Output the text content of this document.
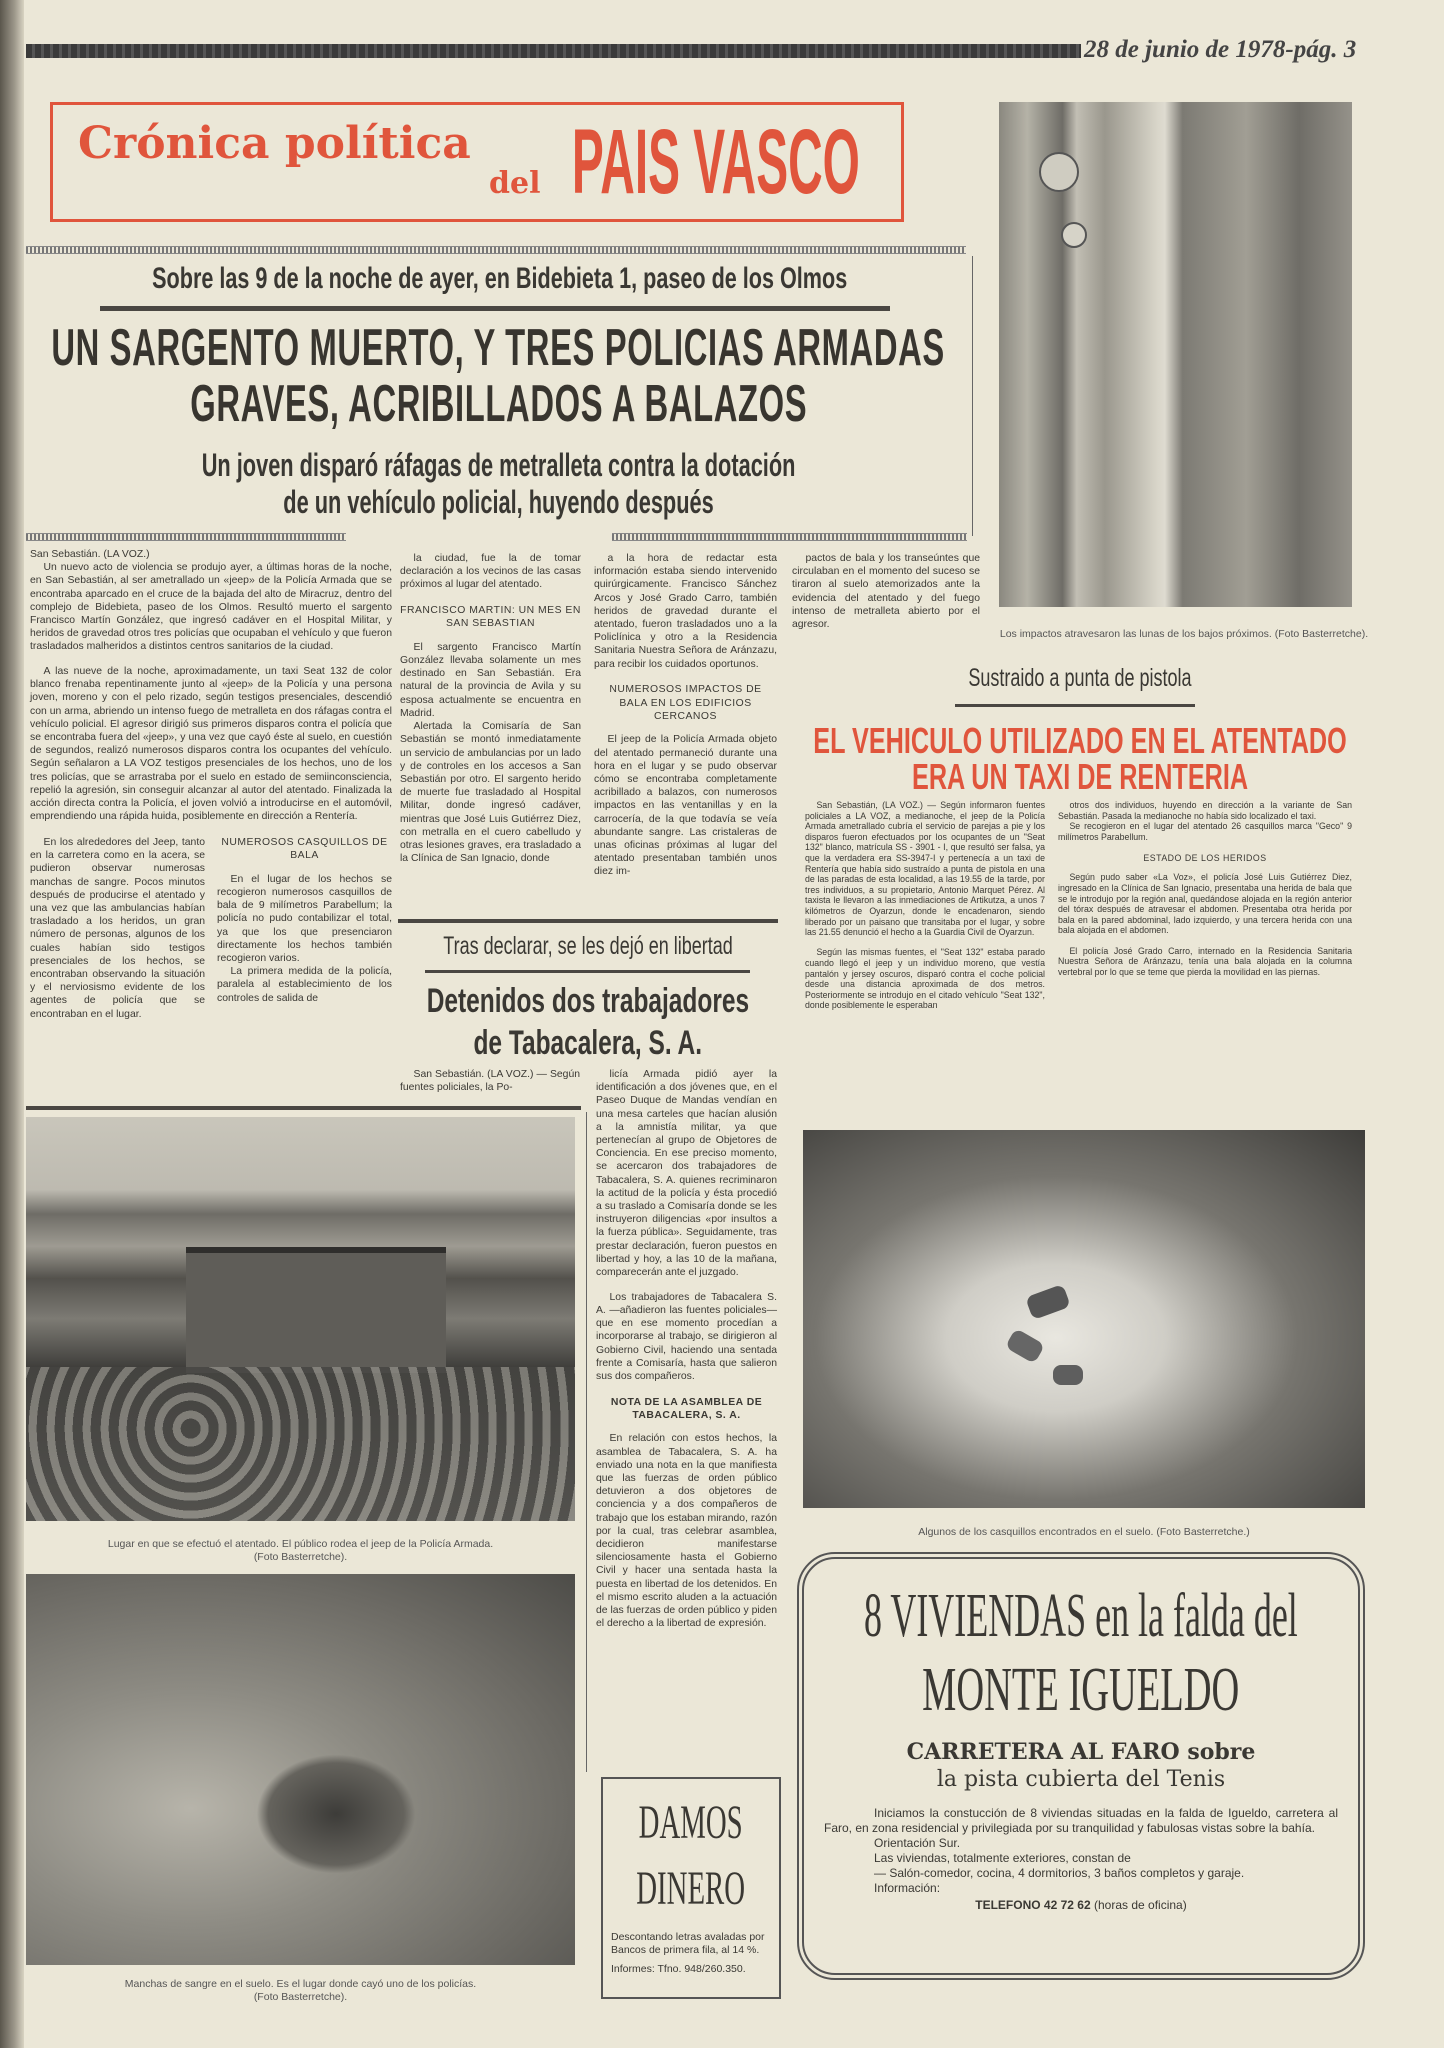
28 de junio de 1978-pág. 3
Crónica política
del PAIS VASCO
Los impactos atravesaron las lunas de los bajos próximos. (Foto Basterretche).
Sobre las 9 de la noche de ayer, en Bidebieta 1, paseo de los Olmos
UN SARGENTO MUERTO, Y TRES POLICIAS ARMADAS
GRAVES, ACRIBILLADOS A BALAZOS
Un joven disparó ráfagas de metralleta contra la dotación
de un vehículo policial, huyendo después

San Sebastián. (LA VOZ.)

Un nuevo acto de violencia se produjo ayer, a últimas horas de la noche, en San Sebastián, al ser ametrallado un «jeep» de la Policía Armada que se encontraba aparcado en el cruce de la bajada del alto de Miracruz, dentro del complejo de Bidebieta, paseo de los Olmos. Resultó muerto el sargento Francisco Martín González, que ingresó cadáver en el Hospital Militar, y heridos de gravedad otros tres policías que ocupaban el vehículo y que fueron trasladados malheridos a distintos centros sanitarios de la ciudad.

A las nueve de la noche, aproximadamente, un taxi Seat 132 de color blanco frenaba repentinamente junto al «jeep» de la Policía y una persona joven, moreno y con el pelo rizado, según testigos presenciales, descendió con un arma, abriendo un intenso fuego de metralleta en dos ráfagas contra el vehículo policial. El agresor dirigió sus primeros disparos contra el policía que se encontraba fuera del «jeep», y una vez que cayó éste al suelo, en cuestión de segundos, realizó numerosos disparos contra los ocupantes del vehículo. Según señalaron a LA VOZ testigos presenciales de los hechos, uno de los tres policías, que se arrastraba por el suelo en estado de semiinconsciencia, repelió la agresión, sin conseguir alcanzar al autor del atentado. Finalizada la acción directa contra la Policía, el joven volvió a introducirse en el automóvil, emprendiendo una rápida huida, posiblemente en dirección a Rentería.

En los alrededores del Jeep, tanto en la carretera como en la acera, se pudieron observar numerosas manchas de sangre. Pocos minutos después de producirse el atentado y una vez que las ambulancias habían trasladado a los heridos, un gran número de personas, algunos de los cuales habían sido testigos presenciales de los hechos, se encontraban observando la situación y el nerviosismo evidente de los agentes de policía que se encontraban en el lugar.

NUMEROSOS CASQUILLOS DE BALA

En el lugar de los hechos se recogieron numerosos casquillos de bala de 9 milímetros Parabellum; la policía no pudo contabilizar el total, ya que los que presenciaron directamente los hechos también recogieron varios.

La primera medida de la policía, paralela al establecimiento de los controles de salida de

la ciudad, fue la de tomar declaración a los vecinos de las casas próximos al lugar del atentado.

FRANCISCO MARTIN: UN MES EN SAN SEBASTIAN

El sargento Francisco Martín González llevaba solamente un mes destinado en San Sebastián. Era natural de la provincia de Avila y su esposa actualmente se encuentra en Madrid.

Alertada la Comisaría de San Sebastián se montó inmediatamente un servicio de ambulancias por un lado y de controles en los accesos a San Sebastián por otro. El sargento herido de muerte fue trasladado al Hospital Militar, donde ingresó cadáver, mientras que José Luis Gutiérrez Diez, con metralla en el cuero cabelludo y otras lesiones graves, era trasladado a la Clínica de San Ignacio, donde

a la hora de redactar esta información estaba siendo intervenido quirúrgicamente. Francisco Sánchez Arcos y José Grado Carro, también heridos de gravedad durante el atentado, fueron trasladados uno a la Policlínica y otro a la Residencia Sanitaria Nuestra Señora de Aránzazu, para recibir los cuidados oportunos.

NUMEROSOS IMPACTOS DE BALA EN LOS EDIFICIOS CERCANOS

El jeep de la Policía Armada objeto del atentado permaneció durante una hora en el lugar y se pudo observar cómo se encontraba completamente acribillado a balazos, con numerosos impactos en las ventanillas y en la carrocería, de la que todavía se veía abundante sangre. Las cristaleras de unas oficinas próximas al lugar del atentado presentaban también unos diez im-

pactos de bala y los transeúntes que circulaban en el momento del suceso se tiraron al suelo atemorizados ante la evidencia del atentado y del fuego intenso de metralleta abierto por el agresor.

Sustraido a punta de pistola
EL VEHICULO UTILIZADO EN EL ATENTADO
ERA UN TAXI DE RENTERIA

San Sebastián, (LA VOZ.) — Según informaron fuentes policiales a LA VOZ, a medianoche, el jeep de la Policía Armada ametrallado cubría el servicio de parejas a pie y los disparos fueron efectuados por los ocupantes de un "Seat 132" blanco, matrícula SS - 3901 - I, que resultó ser falsa, ya que la verdadera era SS-3947-I y pertenecía a un taxi de Rentería que había sido sustraído a punta de pistola en una de las paradas de esta localidad, a las 19.55 de la tarde, por tres individuos, a su propietario, Antonio Marquet Pérez. Al taxista le llevaron a las inmediaciones de Artikutza, a unos 7 kilómetros de Oyarzun, donde le encadenaron, siendo liberado por un paisano que transitaba por el lugar, y sobre las 21.55 denunció el hecho a la Guardia Civil de Oyarzun.

Según las mismas fuentes, el "Seat 132" estaba parado cuando llegó el jeep y un individuo moreno, que vestía pantalón y jersey oscuros, disparó contra el coche policial desde una distancia aproximada de dos metros. Posteriormente se introdujo en el citado vehículo "Seat 132", donde posiblemente le esperaban

otros dos individuos, huyendo en dirección a la variante de San Sebastián. Pasada la medianoche no había sido localizado el taxi.

Se recogieron en el lugar del atentado 26 casquillos marca "Geco" 9 milímetros Parabellum.

ESTADO DE LOS HERIDOS

Según pudo saber «La Voz», el policía José Luis Gutiérrez Diez, ingresado en la Clínica de San Ignacio, presentaba una herida de bala que se le introdujo por la región anal, quedándose alojada en la región anterior del tórax después de atravesar el abdomen. Presentaba otra herida por bala en la pared abdominal, lado izquierdo, y una tercera herida con una bala alojada en el abdomen.

El policía José Grado Carro, internado en la Residencia Sanitaria Nuestra Señora de Aránzazu, tenía una bala alojada en la columna vertebral por lo que se teme que pierda la movilidad en las piernas.

Algunos de los casquillos encontrados en el suelo. (Foto Basterretche.)
Tras declarar, se les dejó en libertad
Detenidos dos trabajadores
de Tabacalera, S. A.

San Sebastián. (LA VOZ.) — Según fuentes policiales, la Po-

licía Armada pidió ayer la identificación a dos jóvenes que, en el Paseo Duque de Mandas vendían en una mesa carteles que hacían alusión a la amnistía militar, ya que pertenecían al grupo de Objetores de Conciencia. En ese preciso momento, se acercaron dos trabajadores de Tabacalera, S. A. quienes recriminaron la actitud de la policía y ésta procedió a su traslado a Comisaría donde se les instruyeron diligencias «por insultos a la fuerza pública». Seguidamente, tras prestar declaración, fueron puestos en libertad y hoy, a las 10 de la mañana, comparecerán ante el juzgado.

Los trabajadores de Tabacalera S. A. —añadieron las fuentes policiales— que en ese momento procedían a incorporarse al trabajo, se dirigieron al Gobierno Civil, haciendo una sentada frente a Comisaría, hasta que salieron sus dos compañeros.

NOTA DE LA ASAMBLEA DE TABACALERA, S. A.

En relación con estos hechos, la asamblea de Tabacalera, S. A. ha enviado una nota en la que manifiesta que las fuerzas de orden público detuvieron a dos objetores de conciencia y a dos compañeros de trabajo que los estaban mirando, razón por la cual, tras celebrar asamblea, decidieron manifestarse silenciosamente hasta el Gobierno Civil y hacer una sentada hasta la puesta en libertad de los detenidos. En el mismo escrito aluden a la actuación de las fuerzas de orden público y piden el derecho a la libertad de expresión.

Lugar en que se efectuó el atentado. El público rodea el jeep de la Policía Armada.
(Foto Basterretche).
Manchas de sangre en el suelo. Es el lugar donde cayó uno de los policías.
(Foto Basterretche).
DAMOS
DINERO
Descontando letras avaladas por Bancos de primera fila, al 14 %.
Informes: Tfno. 948/260.350.
8 VIVIENDAS en la falda del
MONTE IGUELDO
CARRETERA AL FARO sobre
la pista cubierta del Tenis
Iniciamos la constucción de 8 viviendas situadas en la falda de Igueldo, carretera al Faro, en zona residencial y privilegiada por su tranquilidad y fabulosas vistas sobre la bahía.
Orientación Sur.
Las viviendas, totalmente exteriores, constan de
— Salón-comedor, cocina, 4 dormitorios, 3 baños completos y garaje.
Información:
TELEFONO 42 72 62 (horas de oficina)
